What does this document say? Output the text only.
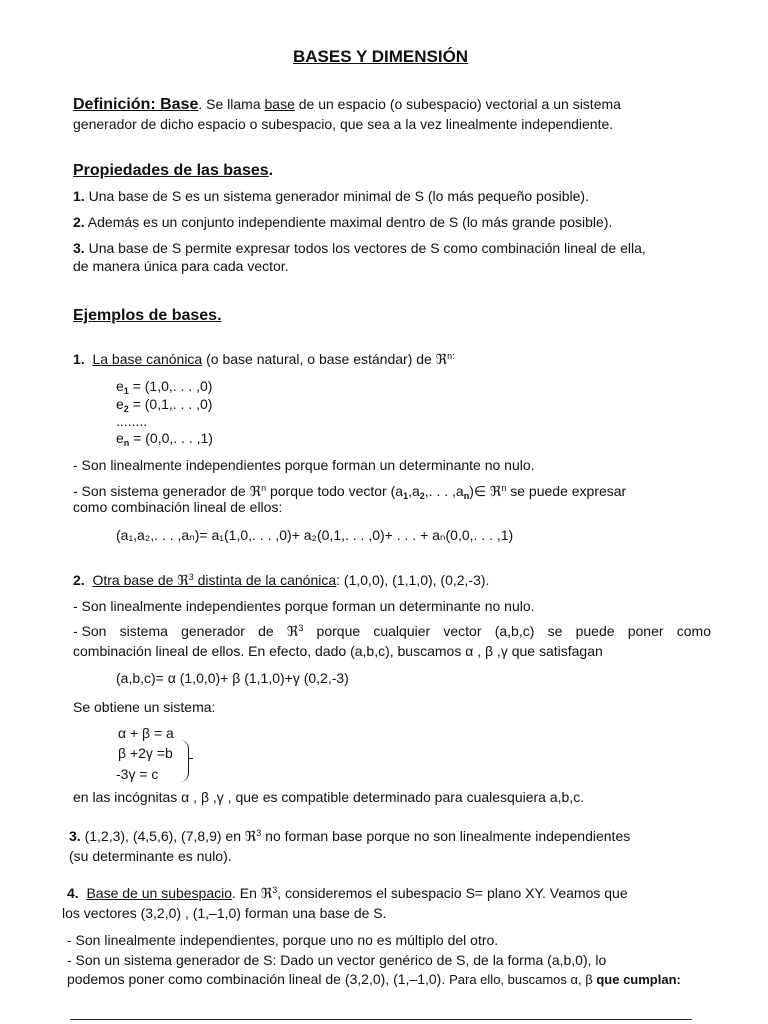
BASES Y DIMENSIÓN
Definición: Base. Se llama base de un espacio (o subespacio) vectorial a un sistema
generador de dicho espacio o subespacio, que sea a la vez linealmente independiente.
Propiedades de las bases.
1. Una base de S es un sistema generador minimal de S (lo más pequeño posible).
2. Además es un conjunto independiente maximal dentro de S (lo más grande posible).
3. Una base de S permite expresar todos los vectores de S como combinación lineal de ella,
de manera única para cada vector.
Ejemplos de bases.
1. La base canónica (o base natural, o base estándar) de ℜ$^{n:}$
$e_1 = (1,0$,. . . ,0)
$e_2 = (0,1$,. . . ,0)
........
$e_n = (0,0$,. . . ,1)
- Son linealmente independientes porque forman un determinante no nulo.
- Son sistema generador de ℜ$^n$ porque todo vector ($a_1,a_2$,. . . $,a_n)\in$ ℜ$^n$ se puede expresar
como combinación lineal de ellos:
(a₁,a₂,. . . ,aₙ)= a₁(1,0,. . . ,0)+ a₂(0,1,. . . ,0)+ . . . + aₙ(0,0,. . . ,1)
2. Otra base de ℜ$^3$ distinta de la canónica: (1,0,0), (1,1,0), (0,2,-3).
- Son linealmente independientes porque forman un determinante no nulo.
- Son sistema generador de ℜ$^3$ porque cualquier vector (a,b,c) se puede poner como
combinación lineal de ellos. En efecto, dado (a,b,c), buscamos α , β ,γ que satisfagan
(a,b,c)= α (1,0,0)+ β (1,1,0)+γ (0,2,-3)
Se obtiene un sistema:
α + β = a
β +2γ =b
-3γ = c
en las incógnitas α , β ,γ , que es compatible determinado para cualesquiera a,b,c.
3. (1,2,3), (4,5,6), (7,8,9) en ℜ$^3$ no forman base porque no son linealmente independientes
(su determinante es nulo).
4. Base de un subespacio. En ℜ$^3$, consideremos el subespacio S= plano XY. Veamos que
los vectores (3,2,0) , (1,–1,0) forman una base de S.
- Son linealmente independientes, porque uno no es múltiplo del otro.
- Son un sistema generador de S: Dado un vector genérico de S, de la forma (a,b,0), lo
podemos poner como combinación lineal de (3,2,0), (1,–1,0). Para ello, buscamos α, β que cumplan:
